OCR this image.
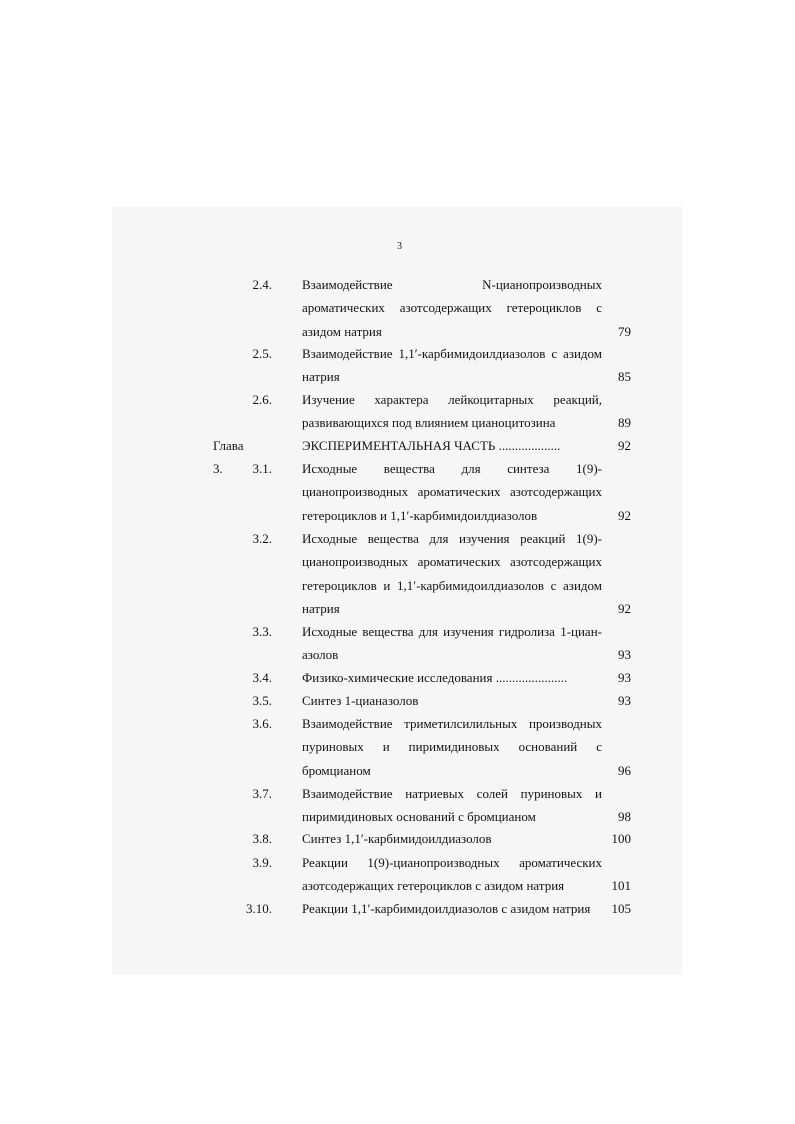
3
2.4. Взаимодействие N-цианопроизводных
ароматических азотсодержащих гетероциклов с
азидом натрия	79
2.5. Взаимодействие 1,1′-карбимидоилдиазолов с азидом
натрия	85
2.6. Изучение характера лейкоцитарных реакций,
развивающихся под влиянием цианоцитозина	89
Глава 3.
ЭКСПЕРИМЕНТАЛЬНАЯ ЧАСТЬ ...................	92
3.1. Исходные вещества для синтеза 1(9)-
цианопроизводных ароматических азотсодержащих
гетероциклов и 1,1′-карбимидоилдиазолов	92
3.2. Исходные вещества для изучения реакций 1(9)-
цианопроизводных ароматических азотсодержащих
гетероциклов и 1,1′-карбимидоилдиазолов с азидом
натрия	92
3.3. Исходные вещества для изучения гидролиза 1-циан-
азолов	93
3.4. Физико-химические исследования ......................	93
3.5. Синтез 1-цианазолов	93
3.6. Взаимодействие триметилсилильных производных
пуриновых и пиримидиновых оснований с
бромцианом	96
3.7. Взаимодействие натриевых солей пуриновых и
пиримидиновых оснований с бромцианом	98
3.8. Синтез 1,1′-карбимидоилдиазолов	100
3.9. Реакции 1(9)-цианопроизводных ароматических
азотсодержащих гетероциклов с азидом натрия	101
3.10. Реакции 1,1′-карбимидоилдиазолов с азидом натрия	105
